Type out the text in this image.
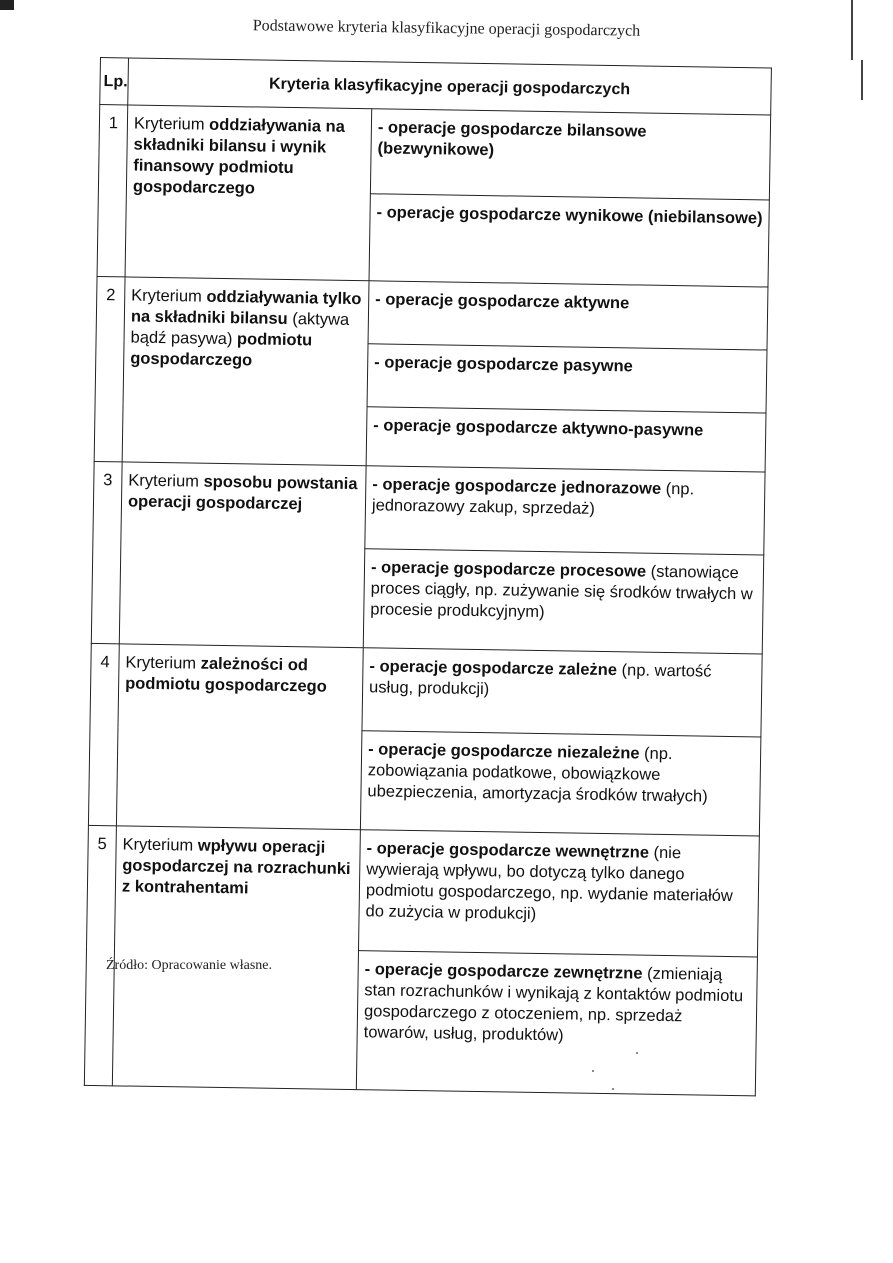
Podstawowe kryteria klasyfikacyjne operacji gospodarczych
Lp.	Kryteria klasyfikacyjne operacji gospodarczych	
1	Kryterium oddziaływania na składniki bilansu i wynik finansowy podmiotu gospodarczego	- operacje gospodarcze bilansowe (bezwynikowe)
		- operacje gospodarcze wynikowe (niebilansowe)
2	Kryterium oddziaływania tylko na składniki bilansu (aktywa bądź pasywa) podmiotu gospodarczego	- operacje gospodarcze aktywne
		- operacje gospodarcze pasywne
		- operacje gospodarcze aktywno-pasywne
3	Kryterium sposobu powstania operacji gospodarczej	- operacje gospodarcze jednorazowe (np. jednorazowy zakup, sprzedaż)
		- operacje gospodarcze procesowe (stanowiące proces ciągły, np. zużywanie się środków trwałych w procesie produkcyjnym)
4	Kryterium zależności od podmiotu gospodarczego	- operacje gospodarcze zależne (np. wartość usług, produkcji)
		- operacje gospodarcze niezależne (np. zobowiązania podatkowe, obowiązkowe ubezpieczenia, amortyzacja środków trwałych)
5	Kryterium wpływu operacji gospodarczej na rozrachunki z kontrahentami	- operacje gospodarcze wewnętrzne (nie wywierają wpływu, bo dotyczą tylko danego podmiotu gospodarczego, np. wydanie materiałów do zużycia w produkcji)
		- operacje gospodarcze zewnętrzne (zmieniają stan rozrachunków i wynikają z kontaktów podmiotu gospodarczego z otoczeniem, np. sprzedaż towarów, usług, produktów)
Źródło: Opracowanie własne.
